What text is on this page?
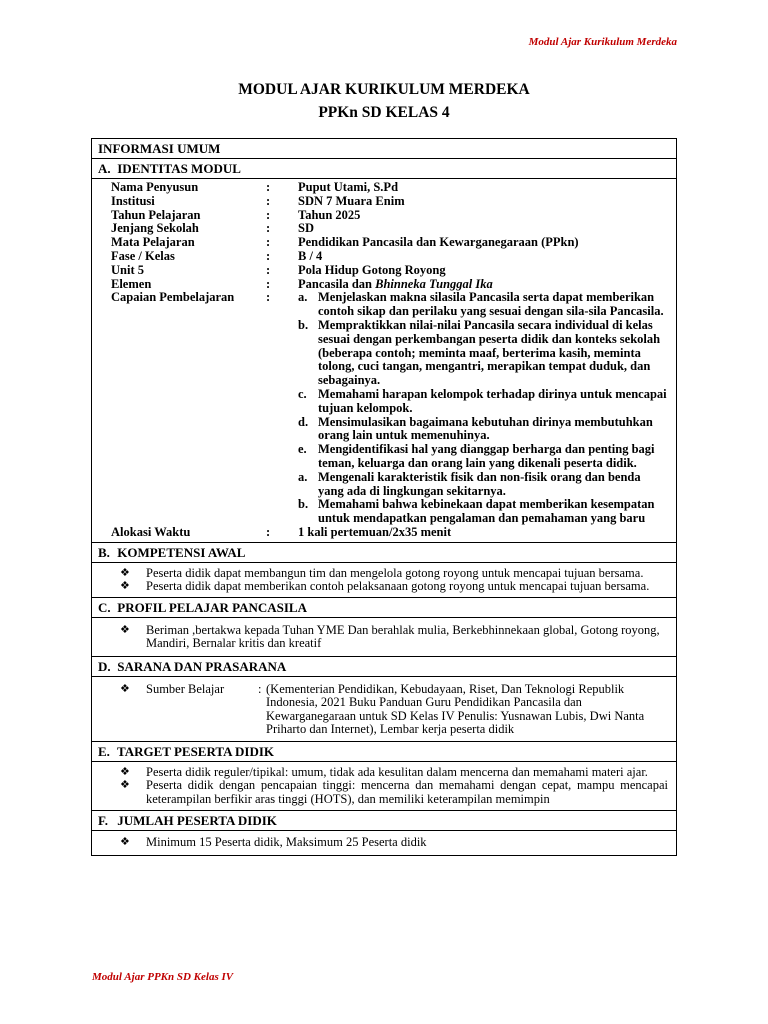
Modul Ajar Kurikulum Merdeka
MODUL AJAR KURIKULUM MERDEKA
PPKn SD KELAS 4
INFORMASI UMUM
A. IDENTITAS MODUL
Nama Penyusun	:	Puput Utami, S.Pd
Institusi	:	SDN 7 Muara Enim
Tahun Pelajaran	:	Tahun 2025
Jenjang Sekolah	:	SD
Mata Pelajaran	:	Pendidikan Pancasila dan Kewarganegaraan (PPkn)
Fase / Kelas	:	B / 4
Unit 5	:	Pola Hidup Gotong Royong
Elemen	:	Pancasila dan Bhinneka Tunggal Ika
Capaian Pembelajaran	:	a. Menjelaskan makna silasila Pancasila serta dapat memberikan contoh sikap dan perilaku yang sesuai dengan sila-sila Pancasila.
b. Mempraktikkan nilai-nilai Pancasila secara individual di kelas sesuai dengan perkembangan peserta didik dan konteks sekolah (beberapa contoh; meminta maaf, berterima kasih, meminta tolong, cuci tangan, mengantri, merapikan tempat duduk, dan sebagainya.
c. Memahami harapan kelompok terhadap dirinya untuk mencapai tujuan kelompok.
d. Mensimulasikan bagaimana kebutuhan dirinya membutuhkan orang lain untuk memenuhinya.
e. Mengidentifikasi hal yang dianggap berharga dan penting bagi teman, keluarga dan orang lain yang dikenali peserta didik.
a. Mengenali karakteristik fisik dan non-fisik orang dan benda yang ada di lingkungan sekitarnya.
b. Memahami bahwa kebinekaan dapat memberikan kesempatan untuk mendapatkan pengalaman dan pemahaman yang baru
Alokasi Waktu	:	1 kali pertemuan/2x35 menit
B. KOMPETENSI AWAL
❖	Peserta didik dapat membangun tim dan mengelola gotong royong untuk mencapai tujuan bersama.
❖	Peserta didik dapat memberikan contoh pelaksanaan gotong royong untuk mencapai tujuan bersama.
C. PROFIL PELAJAR PANCASILA
❖	Beriman ,bertakwa kepada Tuhan YME Dan berahlak mulia, Berkebhinnekaan global, Gotong royong, Mandiri, Bernalar kritis dan kreatif
D. SARANA DAN PRASARANA
❖	Sumber Belajar	: (Kementerian Pendidikan, Kebudayaan, Riset, Dan Teknologi Republik Indonesia, 2021 Buku Panduan Guru Pendidikan Pancasila dan Kewarganegaraan untuk SD Kelas IV Penulis: Yusnawan Lubis, Dwi Nanta Priharto dan Internet), Lembar kerja peserta didik
E. TARGET PESERTA DIDIK
❖	Peserta didik reguler/tipikal: umum, tidak ada kesulitan dalam mencerna dan memahami materi ajar.
❖	Peserta didik dengan pencapaian tinggi: mencerna dan memahami dengan cepat, mampu mencapai keterampilan berfikir aras tinggi (HOTS), dan memiliki keterampilan memimpin
F. JUMLAH PESERTA DIDIK
❖	Minimum 15 Peserta didik, Maksimum 25 Peserta didik
Modul Ajar PPKn SD Kelas IV
